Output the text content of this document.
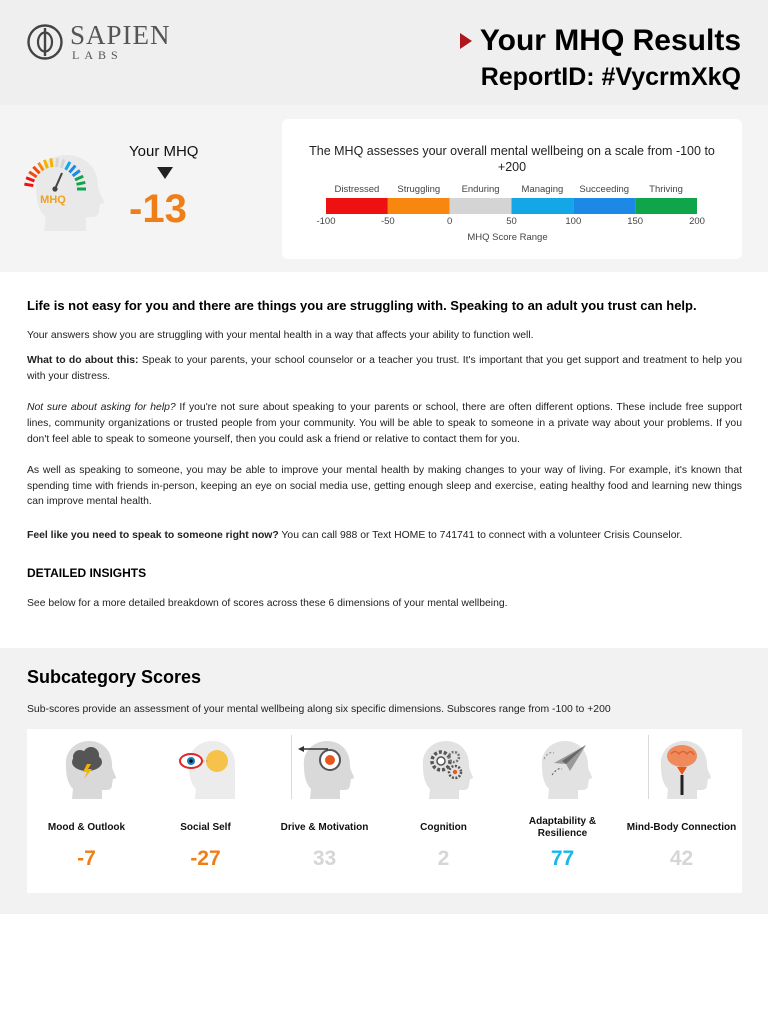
SAPIEN
LABS	Your MHQ Results
ReportID: #VycrmXkQ
MHQ
Your MHQ
-13
The MHQ assesses your overall mental wellbeing on a scale from -100 to +200
Distressed Struggling Enduring Managing Succeeding Thriving
-100	-50	0	50	100	150	200
MHQ Score Range
Life is not easy for you and there are things you are struggling with. Speaking to an adult you trust can help.

Your answers show you are struggling with your mental health in a way that affects your ability to function well.

What to do about this: Speak to your parents, your school counselor or a teacher you trust. It's important that you get support and treatment to help you with your distress.

Not sure about asking for help? If you're not sure about speaking to your parents or school, there are often different options. These include free support lines, community organizations or trusted people from your community. You will be able to speak to someone in a private way about your problems. If you don't feel able to speak to someone yourself, then you could ask a friend or relative to contact them for you.

As well as speaking to someone, you may be able to improve your mental health by making changes to your way of living. For example, it's known that spending time with friends in-person, keeping an eye on social media use, getting enough sleep and exercise, eating healthy food and learning new things can improve mental health.

Feel like you need to speak to someone right now? You can call 988 or Text HOME to 741741 to connect with a volunteer Crisis Counselor.

DETAILED INSIGHTS

See below for a more detailed breakdown of scores across these 6 dimensions of your mental wellbeing.

Subcategory Scores
Sub-scores provide an assessment of your mental wellbeing along six specific dimensions. Subscores range from -100 to +200
Mood & Outlook
-7
Social Self
-27
Drive & Motivation
33
Cognition
2
Adaptability & Resilience
77
Mind-Body Connection
42
